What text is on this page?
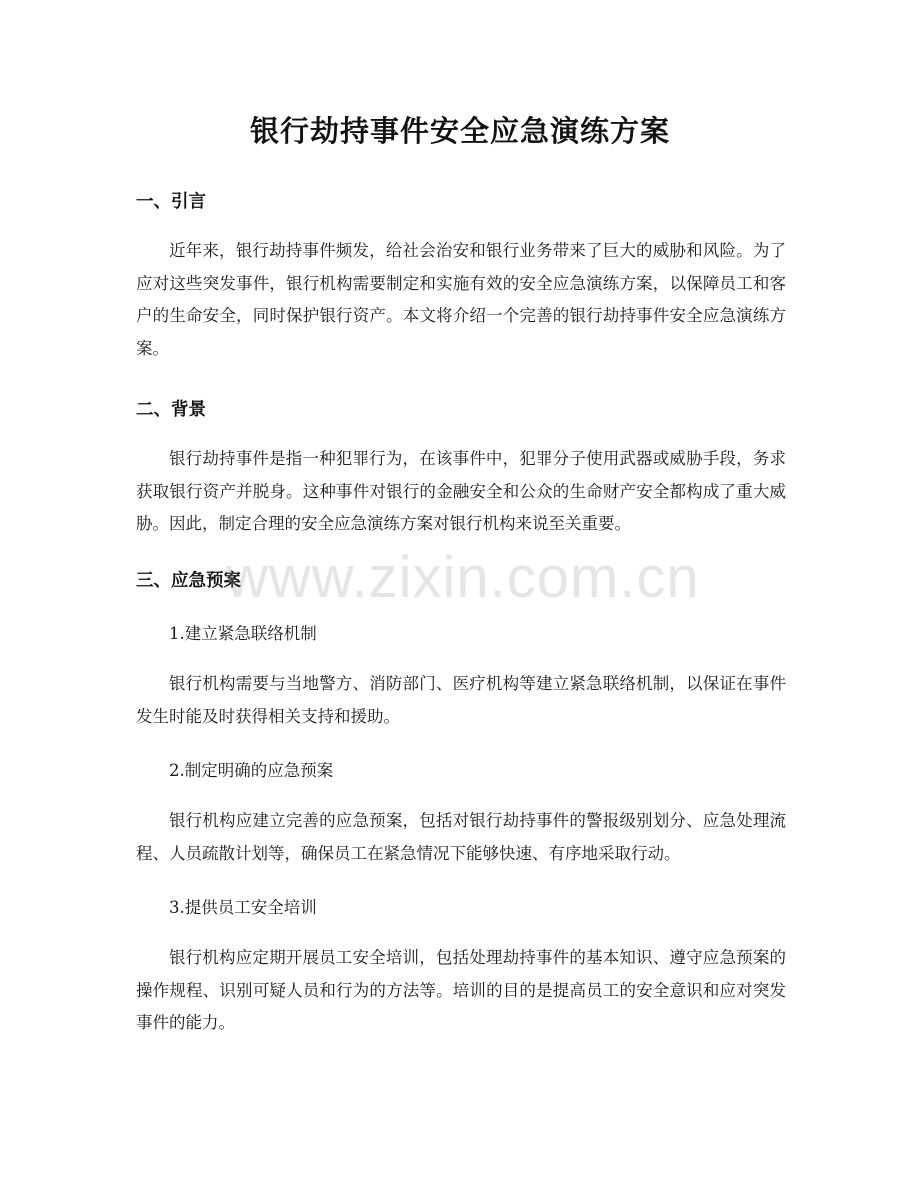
银行劫持事件安全应急演练方案
一、引言
近年来，银行劫持事件频发，给社会治安和银行业务带来了巨大的威胁和风险。为了应对这些突发事件，银行机构需要制定和实施有效的安全应急演练方案，以保障员工和客户的生命安全，同时保护银行资产。本文将介绍一个完善的银行劫持事件安全应急演练方案。
二、背景
银行劫持事件是指一种犯罪行为，在该事件中，犯罪分子使用武器或威胁手段，务求获取银行资产并脱身。这种事件对银行的金融安全和公众的生命财产安全都构成了重大威胁。因此，制定合理的安全应急演练方案对银行机构来说至关重要。
三、应急预案
1.建立紧急联络机制
银行机构需要与当地警方、消防部门、医疗机构等建立紧急联络机制，以保证在事件发生时能及时获得相关支持和援助。
2.制定明确的应急预案
银行机构应建立完善的应急预案，包括对银行劫持事件的警报级别划分、应急处理流程、人员疏散计划等，确保员工在紧急情况下能够快速、有序地采取行动。
3.提供员工安全培训
银行机构应定期开展员工安全培训，包括处理劫持事件的基本知识、遵守应急预案的操作规程、识别可疑人员和行为的方法等。培训的目的是提高员工的安全意识和应对突发事件的能力。
www.zixin.com.cn
